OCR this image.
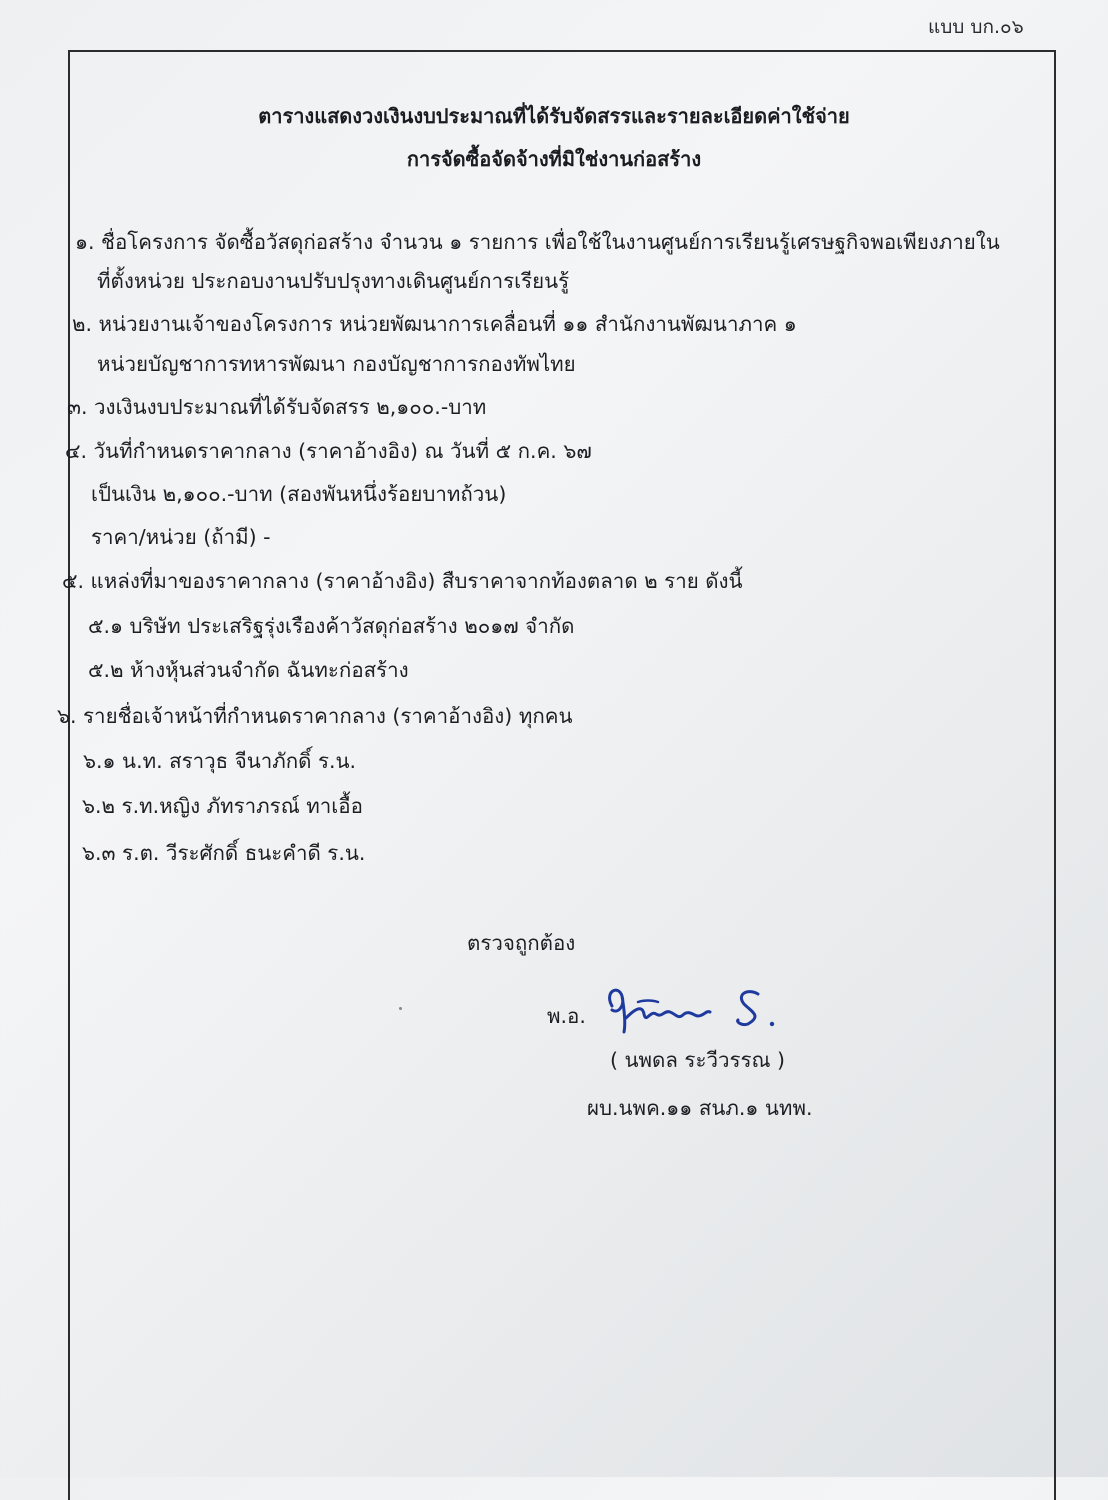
แบบ บก.๐๖
ตารางแสดงวงเงินงบประมาณที่ได้รับจัดสรรและรายละเอียดค่าใช้จ่าย
การจัดซื้อจัดจ้างที่มิใช่งานก่อสร้าง
๑. ชื่อโครงการ จัดซื้อวัสดุก่อสร้าง จำนวน ๑ รายการ เพื่อใช้ในงานศูนย์การเรียนรู้เศรษฐกิจพอเพียงภายใน
ที่ตั้งหน่วย ประกอบงานปรับปรุงทางเดินศูนย์การเรียนรู้
๒. หน่วยงานเจ้าของโครงการ หน่วยพัฒนาการเคลื่อนที่ ๑๑ สำนักงานพัฒนาภาค ๑
หน่วยบัญชาการทหารพัฒนา กองบัญชาการกองทัพไทย
๓. วงเงินงบประมาณที่ได้รับจัดสรร ๒,๑๐๐.-บาท
๔. วันที่กำหนดราคากลาง (ราคาอ้างอิง) ณ วันที่ ๕ ก.ค. ๖๗
เป็นเงิน ๒,๑๐๐.-บาท (สองพันหนึ่งร้อยบาทถ้วน)
ราคา/หน่วย (ถ้ามี) -
๕. แหล่งที่มาของราคากลาง (ราคาอ้างอิง) สืบราคาจากท้องตลาด ๒ ราย ดังนี้
๕.๑ บริษัท ประเสริฐรุ่งเรืองค้าวัสดุก่อสร้าง ๒๐๑๗ จำกัด
๕.๒ ห้างหุ้นส่วนจำกัด ฉันทะก่อสร้าง
๖. รายชื่อเจ้าหน้าที่กำหนดราคากลาง (ราคาอ้างอิง) ทุกคน
๖.๑ น.ท. สราวุธ จีนาภักดิ์ ร.น.
๖.๒ ร.ท.หญิง ภัทราภรณ์ ทาเอื้อ
๖.๓ ร.ต. วีระศักดิ์ ธนะคำดี ร.น.
ตรวจถูกต้อง
พ.อ.
( นพดล ระวีวรรณ )
ผบ.นพค.๑๑ สนภ.๑ นทพ.
